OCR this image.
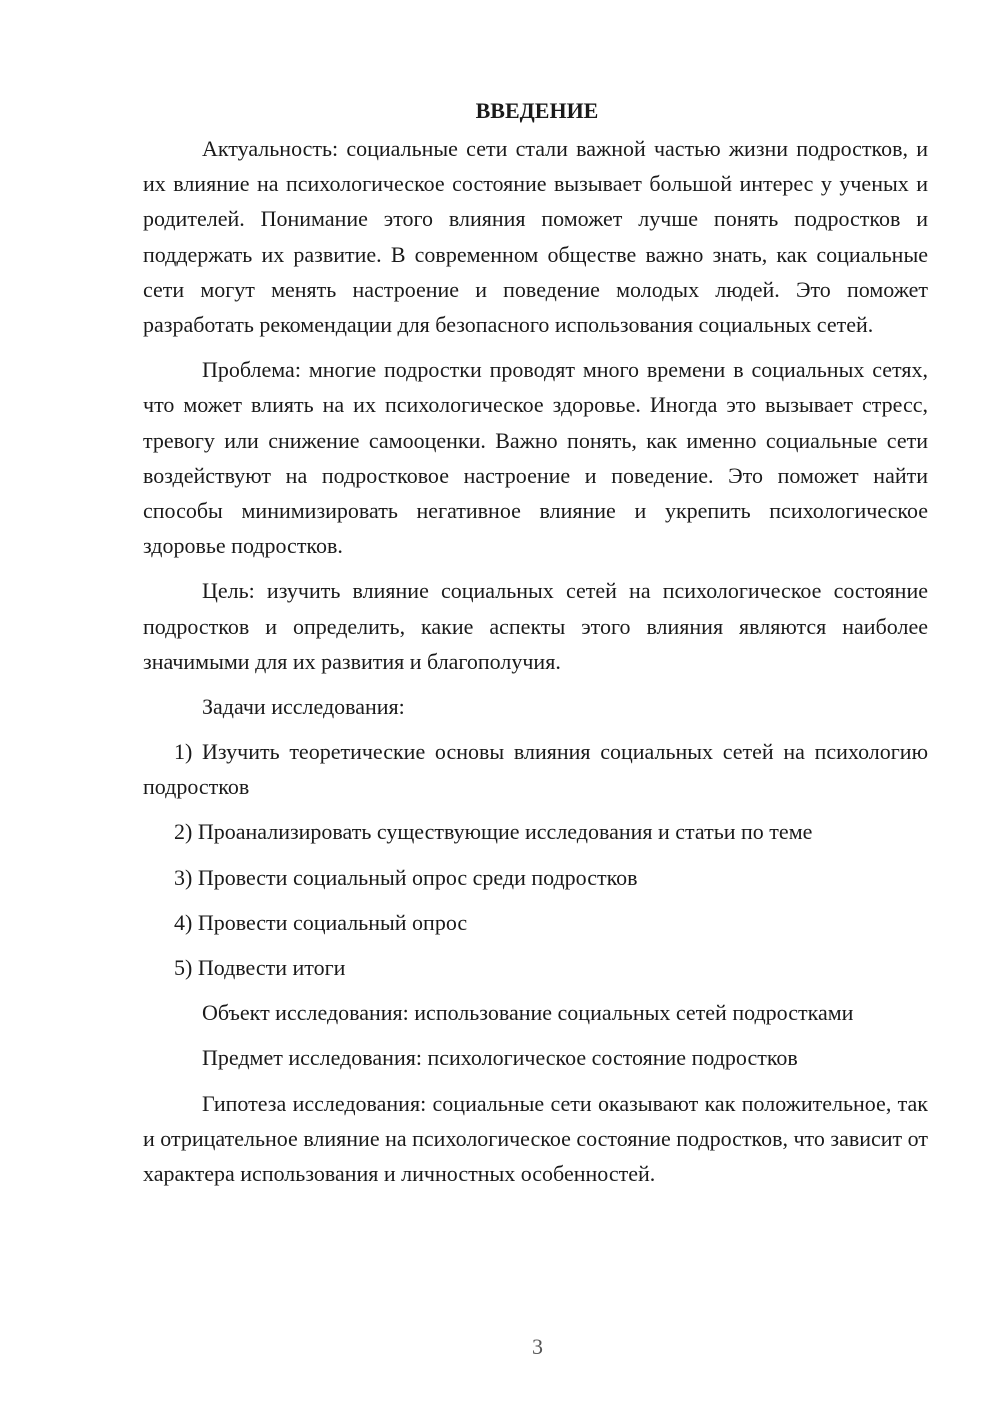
ВВЕДЕНИЕ

Актуальность: социальные сети стали важной частью жизни подростков, и их влияние на психологическое состояние вызывает большой интерес у ученых и родителей. Понимание этого влияния поможет лучше понять подростков и поддержать их развитие. В современном обществе важно знать, как социальные сети могут менять настроение и поведение молодых людей. Это поможет разработать рекомендации для безопасного использования социальных сетей.

Проблема: многие подростки проводят много времени в социальных сетях, что может влиять на их психологическое здоровье. Иногда это вызывает стресс, тревогу или снижение самооценки. Важно понять, как именно социальные сети воздействуют на подростковое настроение и поведение. Это поможет найти способы минимизировать негативное влияние и укрепить психологическое здоровье подростков.

Цель: изучить влияние социальных сетей на психологическое состояние подростков и определить, какие аспекты этого влияния являются наиболее значимыми для их развития и благополучия.

Задачи исследования:

1) Изучить теоретические основы влияния социальных сетей на психологию подростков

2) Проанализировать существующие исследования и статьи по теме

3) Провести социальный опрос среди подростков

4) Провести социальный опрос

5) Подвести итоги

Объект исследования: использование социальных сетей подростками

Предмет исследования: психологическое состояние подростков

Гипотеза исследования: социальные сети оказывают как положительное, так и отрицательное влияние на психологическое состояние подростков, что зависит от характера использования и личностных особенностей.

3
